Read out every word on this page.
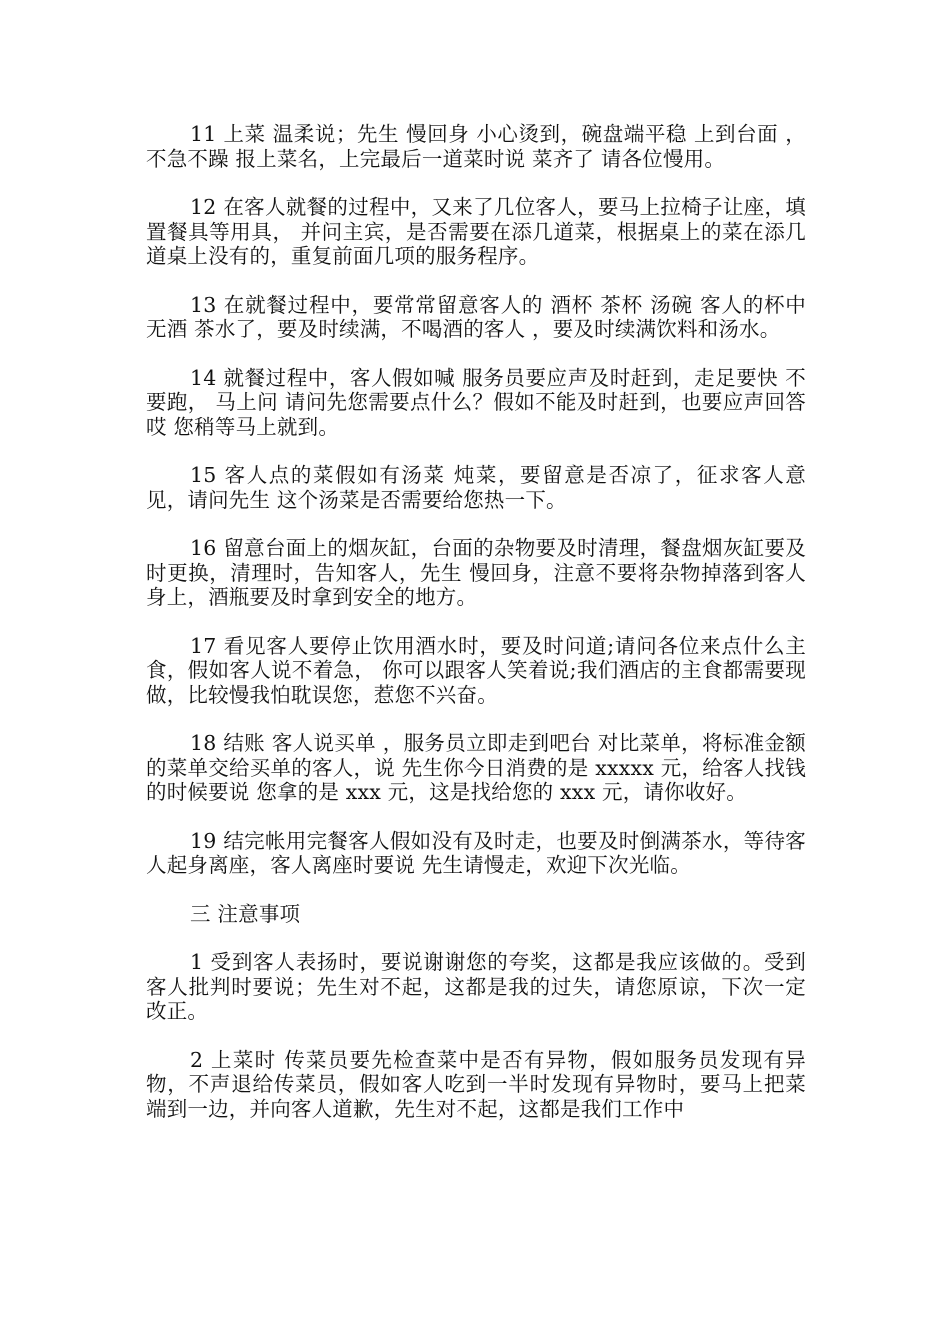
11 上菜 温柔说；先生 慢回身 小心烫到，碗盘端平稳 上到台面 ，不急不躁 报上菜名，上完最后一道菜时说 菜齐了 请各位慢用。

12 在客人就餐的过程中，又来了几位客人，要马上拉椅子让座，填置餐具等用具， 并问主宾，是否需要在添几道菜，根据桌上的菜在添几道桌上没有的，重复前面几项的服务程序。

13 在就餐过程中，要常常留意客人的 酒杯 茶杯 汤碗 客人的杯中无酒 茶水了，要及时续满，不喝酒的客人 ，要及时续满饮料和汤水。

14 就餐过程中，客人假如喊 服务员要应声及时赶到，走足要快 不要跑， 马上问 请问先您需要点什么？假如不能及时赶到，也要应声回答 哎 您稍等马上就到。

15 客人点的菜假如有汤菜 炖菜，要留意是否凉了，征求客人意见，请问先生 这个汤菜是否需要给您热一下。

16 留意台面上的烟灰缸，台面的杂物要及时清理，餐盘烟灰缸要及时更换，清理时，告知客人，先生 慢回身，注意不要将杂物掉落到客人身上，酒瓶要及时拿到安全的地方。

17 看见客人要停止饮用酒水时，要及时问道;请问各位来点什么主食，假如客人说不着急， 你可以跟客人笑着说;我们酒店的主食都需要现做，比较慢我怕耽误您，惹您不兴奋。

18 结账 客人说买单 ，服务员立即走到吧台 对比菜单，将标准金额的菜单交给买单的客人，说 先生你今日消费的是 xxxxx 元，给客人找钱的时候要说 您拿的是 xxx 元，这是找给您的 xxx 元，请你收好。

19 结完帐用完餐客人假如没有及时走，也要及时倒满茶水，等待客人起身离座，客人离座时要说 先生请慢走，欢迎下次光临。

三 注意事项

1 受到客人表扬时，要说谢谢您的夸奖，这都是我应该做的。受到客人批判时要说；先生对不起，这都是我的过失，请您原谅，下次一定改正。

2 上菜时 传菜员要先检查菜中是否有异物，假如服务员发现有异物，不声退给传菜员，假如客人吃到一半时发现有异物时，要马上把菜端到一边，并向客人道歉，先生对不起，这都是我们工作中
